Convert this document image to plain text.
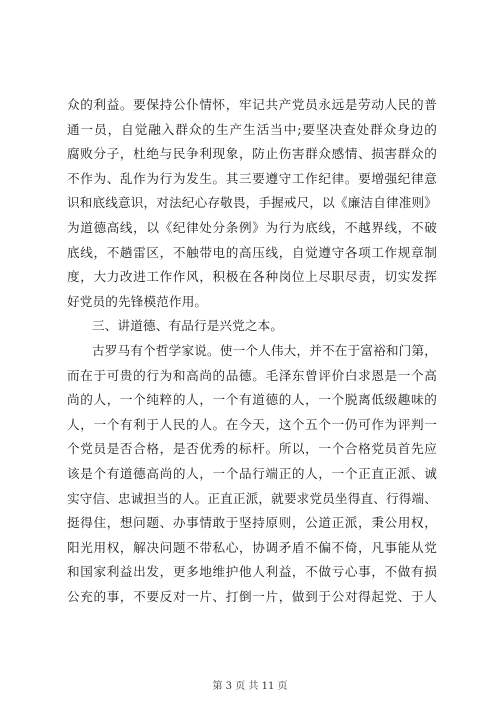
众的利益。要保持公仆情怀，牢记共产党员永远是劳动人民的普
通一员，自觉融入群众的生产生活当中;要坚决查处群众身边的
腐败分子，杜绝与民争利现象，防止伤害群众感情、损害群众的
不作为、乱作为行为发生。其三要遵守工作纪律。要增强纪律意
识和底线意识，对法纪心存敬畏，手握戒尺，以《廉洁自律准则》
为道德高线，以《纪律处分条例》为行为底线，不越界线，不破
底线，不趟雷区，不触带电的高压线，自觉遵守各项工作规章制
度，大力改进工作作风，积极在各种岗位上尽职尽责，切实发挥
好党员的先锋模范作用。
三、讲道德、有品行是兴党之本。
古罗马有个哲学家说。使一个人伟大，并不在于富裕和门第，
而在于可贵的行为和高尚的品德。毛泽东曾评价白求恩是一个高
尚的人，一个纯粹的人，一个有道德的人，一个脱离低级趣味的
人，一个有利于人民的人。在今天，这个五个一仍可作为评判一
个党员是否合格，是否优秀的标杆。所以，一个合格党员首先应
该是个有道德高尚的人，一个品行端正的人，一个正直正派、诚
实守信、忠诚担当的人。正直正派，就要求党员坐得直、行得端、
挺得住，想问题、办事情敢于坚持原则，公道正派，秉公用权，
阳光用权，解决问题不带私心，协调矛盾不偏不倚，凡事能从党
和国家利益出发，更多地维护他人利益，不做亏心事，不做有损
公充的事，不要反对一片、打倒一片，做到于公对得起党、于人
第 3 页 共 11 页
